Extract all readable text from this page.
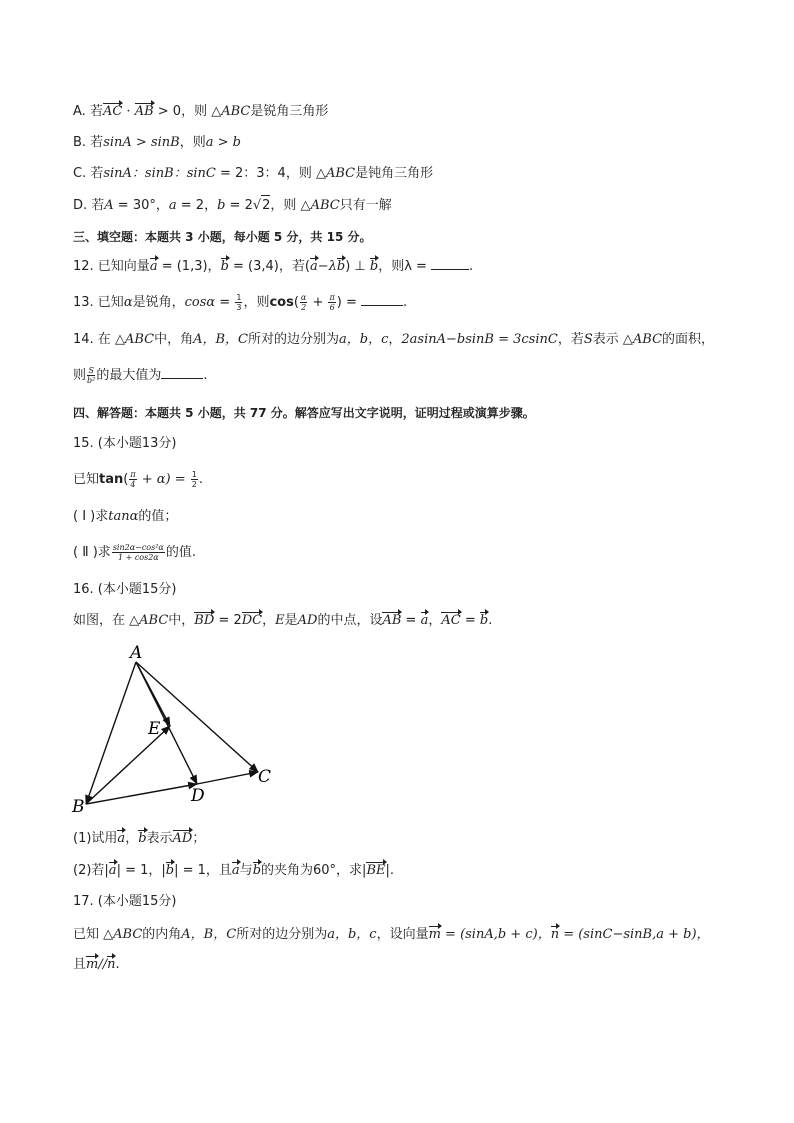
A. 若AC · AB > 0，则 △ABC是锐角三角形
B. 若sinA > sinB，则a > b
C. 若sinA：sinB：sinC = 2：3：4，则 △ABC是钝角三角形
D. 若A = 30°，a = 2，b = 2√2，则 △ABC只有一解
三、填空题：本题共 3 小题，每小题 5 分，共 15 分。
12. 已知向量a = (1,3)，b = (3,4)，若(a−λb) ⊥ b，则λ =	.
13. 已知α是锐角，$\cos\alpha = \frac{1}{3}$ ，则$\cos( \frac{\alpha}{2} + \frac{\pi}{6}$ ) =	.
14. 在 △ABC中，角A，B，C所对的边分别为a，b，c，2asinA−bsinB = 3csinC，若S表示 △ABC的面积，
则 $\frac{S}{\text{b²}}$ 的最大值为	.
四、解答题：本题共 5 小题，共 77 分。解答应写出文字说明，证明过程或演算步骤。
15. (本小题13分)
已知$\tan( \frac{\pi}{4} + \alpha) = \frac{1}{2}$ .
( Ⅰ )求tanα的值；
( Ⅱ )求 $\frac{\text{sin2α−cos²α}}{1 + \cos 2\alpha}$ 的值.
16. (本小题15分)
如图，在 △ABC中，BD = 2DC，E是AD的中点，设AB = a，AC = b.
A
B
C
D
E
(1)试用a，b表示AD；
(2)若|a| = 1，|b| = 1，且a与b的夹角为60°，求|BE|.
17. (本小题15分)
已知 △ABC的内角A，B，C所对的边分别为a，b，c，设向量m = (sinA,b + c)，n = (sinC−sinB,a + b)，
且m//n.
